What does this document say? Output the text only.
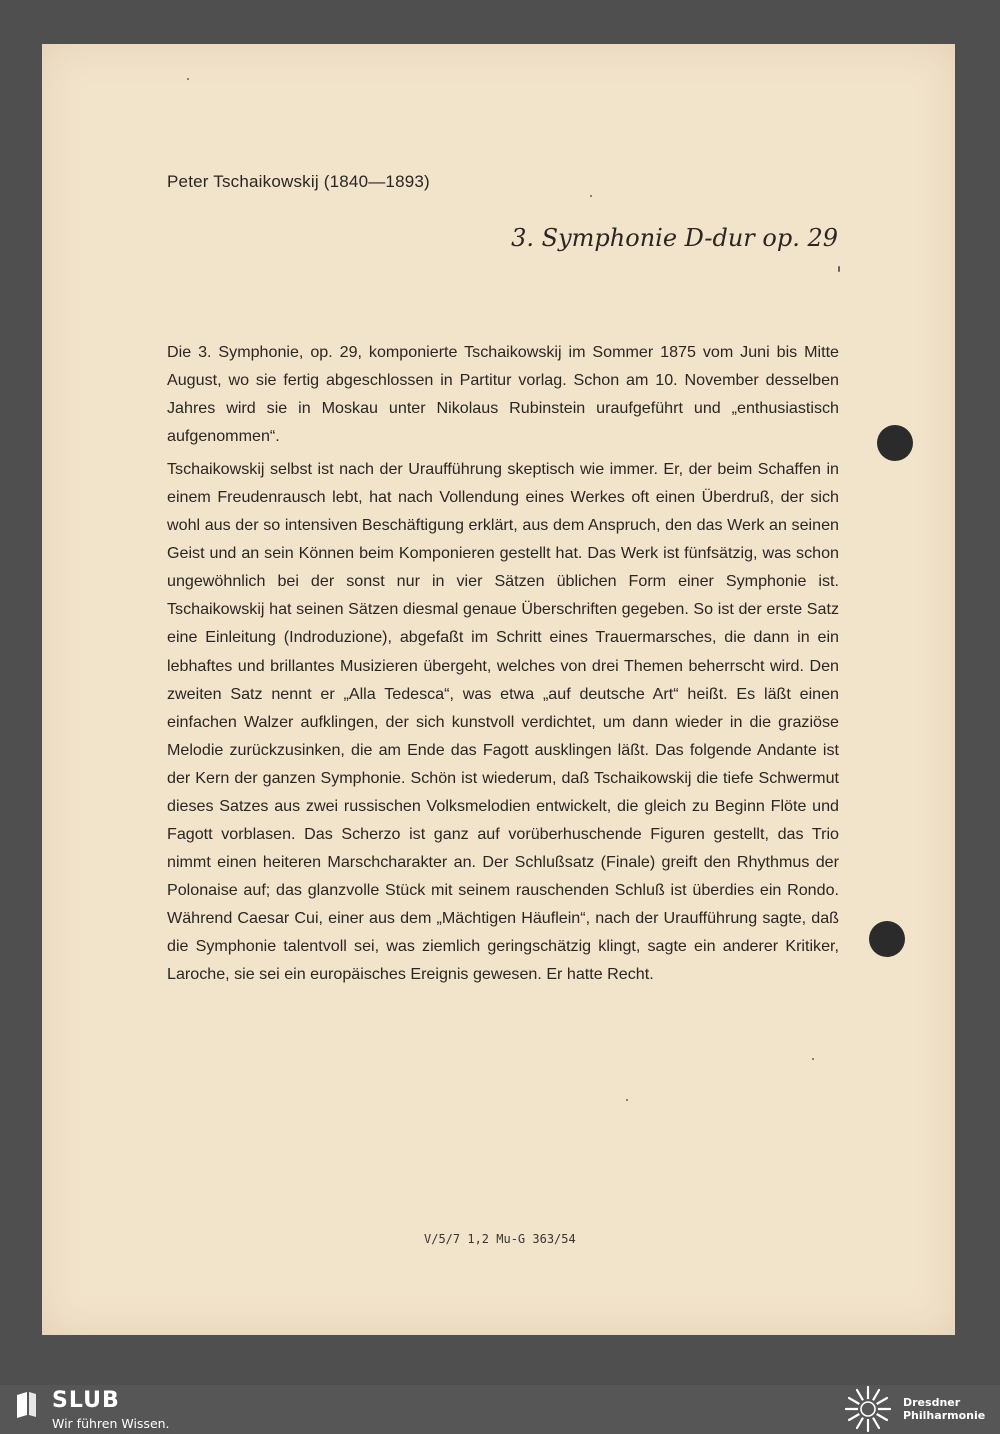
Peter Tschaikowskij (1840—1893)
3. Symphonie D-dur op. 29

Die 3. Symphonie, op. 29, komponierte Tschaikowskij im Sommer 1875 vom Juni bis Mitte August, wo sie fertig abgeschlossen in Partitur vorlag. Schon am 10. November desselben Jahres wird sie in Moskau unter Nikolaus Rubinstein uraufgeführt und „enthusiastisch aufgenommen“.

Tschaikowskij selbst ist nach der Uraufführung skeptisch wie immer. Er, der beim Schaffen in einem Freudenrausch lebt, hat nach Vollendung eines Werkes oft einen Überdruß, der sich wohl aus der so intensiven Beschäftigung erklärt, aus dem Anspruch, den das Werk an seinen Geist und an sein Können beim Komponieren gestellt hat. Das Werk ist fünfsätzig, was schon ungewöhnlich bei der sonst nur in vier Sätzen üblichen Form einer Symphonie ist. Tschaikowskij hat seinen Sätzen diesmal genaue Überschriften gegeben. So ist der erste Satz eine Einleitung (Indroduzione), abgefaßt im Schritt eines Trauermarsches, die dann in ein lebhaftes und brillantes Musizieren übergeht, welches von drei Themen beherrscht wird. Den zweiten Satz nennt er „Alla Tedesca“, was etwa „auf deutsche Art“ heißt. Es läßt einen einfachen Walzer aufklingen, der sich kunstvoll verdichtet, um dann wieder in die graziöse Melodie zurückzusinken, die am Ende das Fagott ausklingen läßt. Das folgende Andante ist der Kern der ganzen Symphonie. Schön ist wiederum, daß Tschaikowskij die tiefe Schwermut dieses Satzes aus zwei russischen Volksmelodien entwickelt, die gleich zu Beginn Flöte und Fagott vorblasen. Das Scherzo ist ganz auf vorüberhuschende Figuren gestellt, das Trio nimmt einen heiteren Marschcharakter an. Der Schlußsatz (Finale) greift den Rhythmus der Polonaise auf; das glanzvolle Stück mit seinem rauschenden Schluß ist überdies ein Rondo. Während Caesar Cui, einer aus dem „Mächtigen Häuflein“, nach der Uraufführung sagte, daß die Symphonie talentvoll sei, was ziemlich geringschätzig klingt, sagte ein anderer Kritiker, Laroche, sie sei ein europäisches Ereignis gewesen. Er hatte Recht.

V/5/7 1,2 Mu-G 363/54
SLUB
Wir führen Wissen.
Dresdner
Philharmonie
